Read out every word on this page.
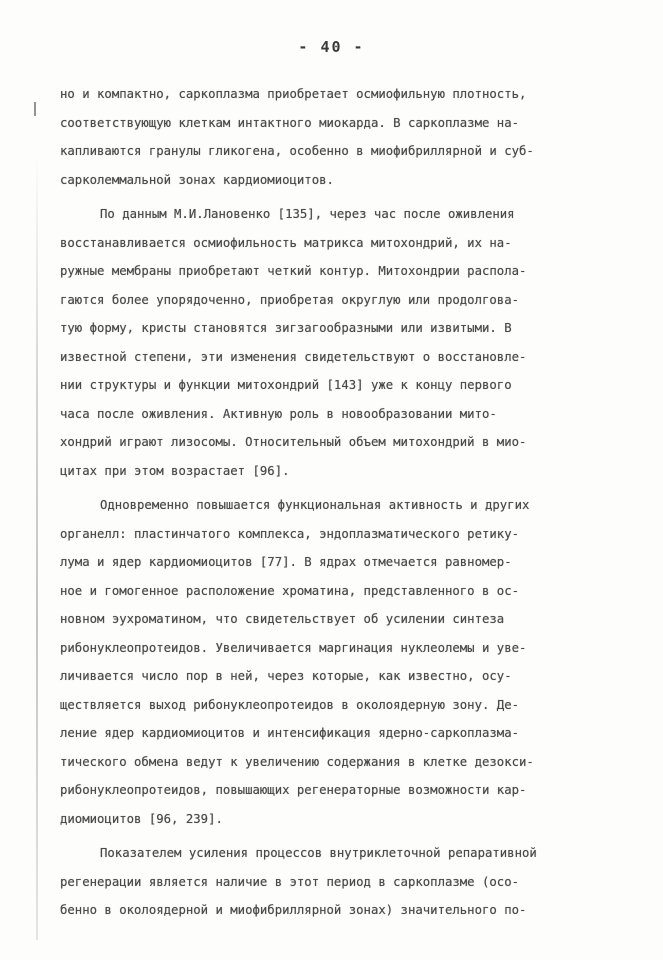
- 40 -
но и компактно, саркоплазма приобретает осмиофильную плотность,
соответствующую клеткам интактного миокарда. В саркоплазме на-
капливаются гранулы гликогена, особенно в миофибриллярной и суб-
сарколеммальной зонах кардиомиоцитов.
По данным М.И.Лановенко [135], через час после оживления
восстанавливается осмиофильность матрикса митохондрий, их на-
ружные мембраны приобретают четкий контур. Митохондрии распола-
гаются более упорядоченно, приобретая округлую или продолгова-
тую форму, кристы становятся зигзагообразными или извитыми. В
известной степени, эти изменения свидетельствуют о восстановле-
нии структуры и функции митохондрий [143] уже к концу первого
часа после оживления. Активную роль в новообразовании мито-
хондрий играют лизосомы. Относительный объем митохондрий в мио-
цитах при этом возрастает [96].
Одновременно повышается функциональная активность и других
органелл: пластинчатого комплекса, эндоплазматического ретику-
лума и ядер кардиомиоцитов [77]. В ядрах отмечается равномер-
ное и гомогенное расположение хроматина, представленного в ос-
новном эухроматином, что свидетельствует об усилении синтеза
рибонуклеопротеидов. Увеличивается маргинация нуклеолемы и уве-
личивается число пор в ней, через которые, как известно, осу-
ществляется выход рибонуклеопротеидов в околоядерную зону. Де-
ление ядер кардиомиоцитов и интенсификация ядерно-саркоплазма-
тического обмена ведут к увеличению содержания в клетке дезокси-
рибонуклеопротеидов, повышающих регенераторные возможности кар-
диомиоцитов [96, 239].
Показателем усиления процессов внутриклеточной репаративной
регенерации является наличие в этот период в саркоплазме (осо-
бенно в околоядерной и миофибриллярной зонах) значительного по-
